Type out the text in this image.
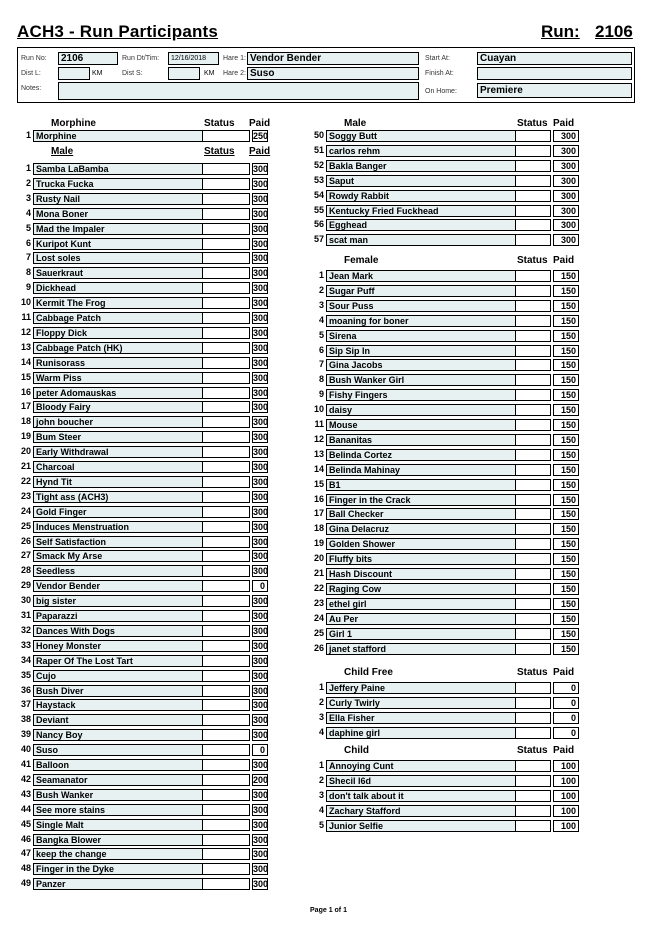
ACH3 - Run Participants	Run: 2106
Run No:	2106	Run Dt/Tim:	12/16/2018	Hare 1: Vendor Bender	Start At:	Cuayan
Dist L:	KM	Dist S:	KM Hare 2: Suso	Finish At:
Notes:	On Home:	Premiere
Morphine	Status Paid
1 Morphine	250
Male	Status Paid
1 Samba LaBamba	300
2 Trucka Fucka	300
3 Rusty Nail	300
4 Mona Boner	300
5 Mad the Impaler	300
6 Kuripot Kunt	300
7 Lost soles	300
8 Sauerkraut	300
9 Dickhead	300
10 Kermit The Frog	300
11 Cabbage Patch	300
12 Floppy Dick	300
13 Cabbage Patch (HK)	300
14 Runisorass	300
15 Warm Piss	300
16 peter Adomauskas	300
17 Bloody Fairy	300
18 john boucher	300
19 Bum Steer	300
20 Early Withdrawal	300
21 Charcoal	300
22 Hynd Tit	300
23 Tight ass (ACH3)	300
24 Gold Finger	300
25 Induces Menstruation	300
26 Self Satisfaction	300
27 Smack My Arse	300
28 Seedless	300
29 Vendor Bender	0
30 big sister	300
31 Paparazzi	300
32 Dances With Dogs	300
33 Honey Monster	300
34 Raper Of The Lost Tart	300
35 Cujo	300
36 Bush Diver	300
37 Haystack	300
38 Deviant	300
39 Nancy Boy	300
40 Suso	0
41 Balloon	300
42 Seamanator	200
43 Bush Wanker	300
44 See more stains	300
45 Single Malt	300
46 Bangka Blower	300
47 keep the change	300
48 Finger in the Dyke	300
49 Panzer	300
Male	Status Paid
50 Soggy Butt	300
51 carlos rehm	300
52 Bakla Banger	300
53 Saput	300
54 Rowdy Rabbit	300
55 Kentucky Fried Fuckhead	300
56 Egghead	300
57 scat man	300
Female	Status Paid
1 Jean Mark	150
2 Sugar Puff	150
3 Sour Puss	150
4 moaning for boner	150
5 Sirena	150
6 Sip Sip In	150
7 Gina Jacobs	150
8 Bush Wanker Girl	150
9 Fishy Fingers	150
10 daisy	150
11 Mouse	150
12 Bananitas	150
13 Belinda Cortez	150
14 Belinda Mahinay	150
15 B1	150
16 Finger in the Crack	150
17 Ball Checker	150
18 Gina Delacruz	150
19 Golden Shower	150
20 Fluffy bits	150
21 Hash Discount	150
22 Raging Cow	150
23 ethel girl	150
24 Au Per	150
25 Girl 1	150
26 janet stafford	150
Child Free	Status Paid
1 Jeffery Paine	0
2 Curly Twirly	0
3 Ella Fisher	0
4 daphine girl	0
Child	Status Paid
1 Annoying Cunt	100
2 Shecil l6d	100
3 don't talk about it	100
4 Zachary Stafford	100
5 Junior Selfie	100
Page 1 of 1
